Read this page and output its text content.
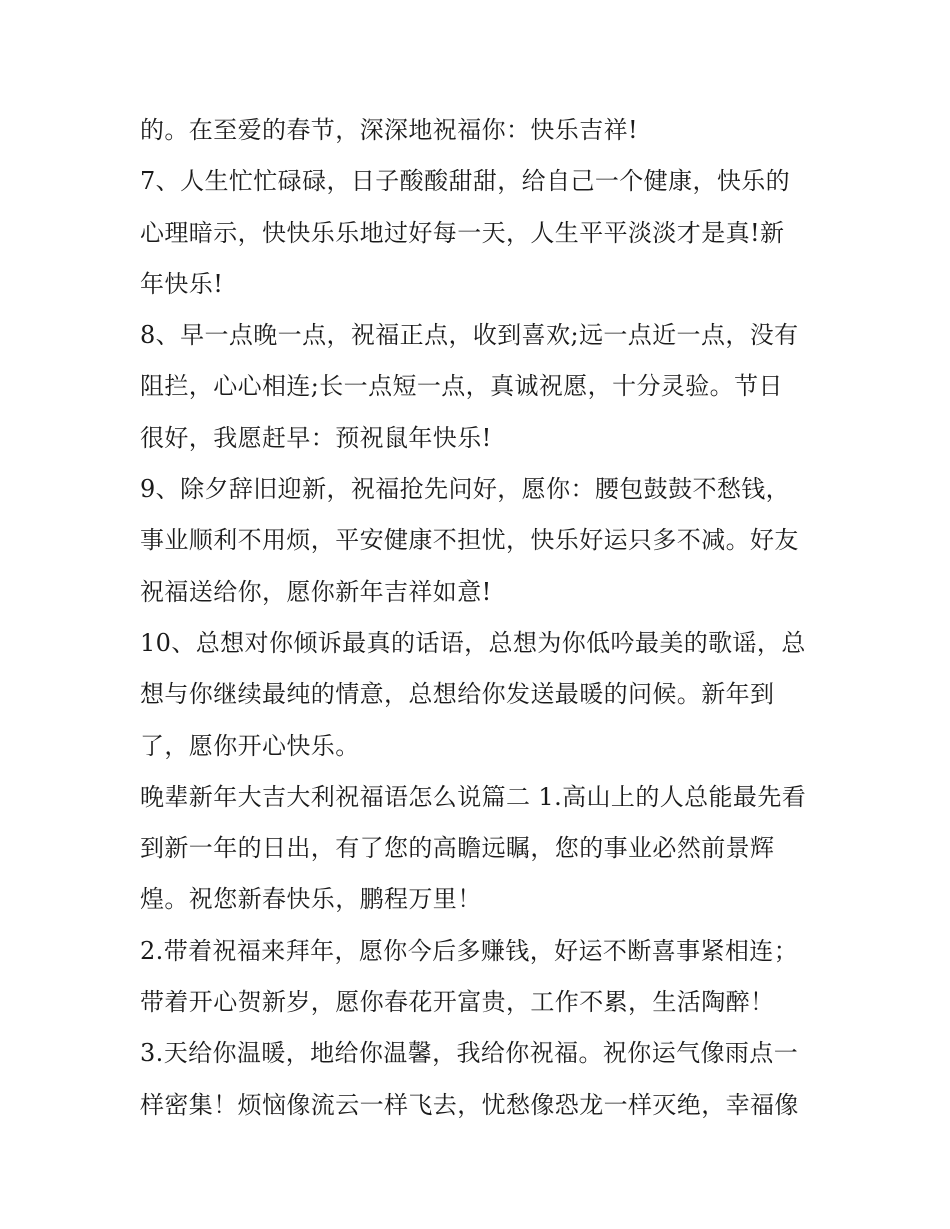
的。在至爱的春节，深深地祝福你：快乐吉祥!
7、人生忙忙碌碌，日子酸酸甜甜，给自己一个健康，快乐的
心理暗示，快快乐乐地过好每一天，人生平平淡淡才是真!新
年快乐!
8、早一点晚一点，祝福正点，收到喜欢;远一点近一点，没有
阻拦，心心相连;长一点短一点，真诚祝愿，十分灵验。节日
很好，我愿赶早：预祝鼠年快乐!
9、除夕辞旧迎新，祝福抢先问好，愿你：腰包鼓鼓不愁钱，
事业顺利不用烦，平安健康不担忧，快乐好运只多不减。好友
祝福送给你，愿你新年吉祥如意!
10、总想对你倾诉最真的话语，总想为你低吟最美的歌谣，总
想与你继续最纯的情意，总想给你发送最暖的问候。新年到
了，愿你开心快乐。
晚辈新年大吉大利祝福语怎么说篇二 1.高山上的人总能最先看
到新一年的日出，有了您的高瞻远瞩，您的事业必然前景辉
煌。祝您新春快乐，鹏程万里！
2.带着祝福来拜年，愿你今后多赚钱，好运不断喜事紧相连；
带着开心贺新岁，愿你春花开富贵，工作不累，生活陶醉！
3.天给你温暖，地给你温馨，我给你祝福。祝你运气像雨点一
样密集！烦恼像流云一样飞去，忧愁像恐龙一样灭绝，幸福像
